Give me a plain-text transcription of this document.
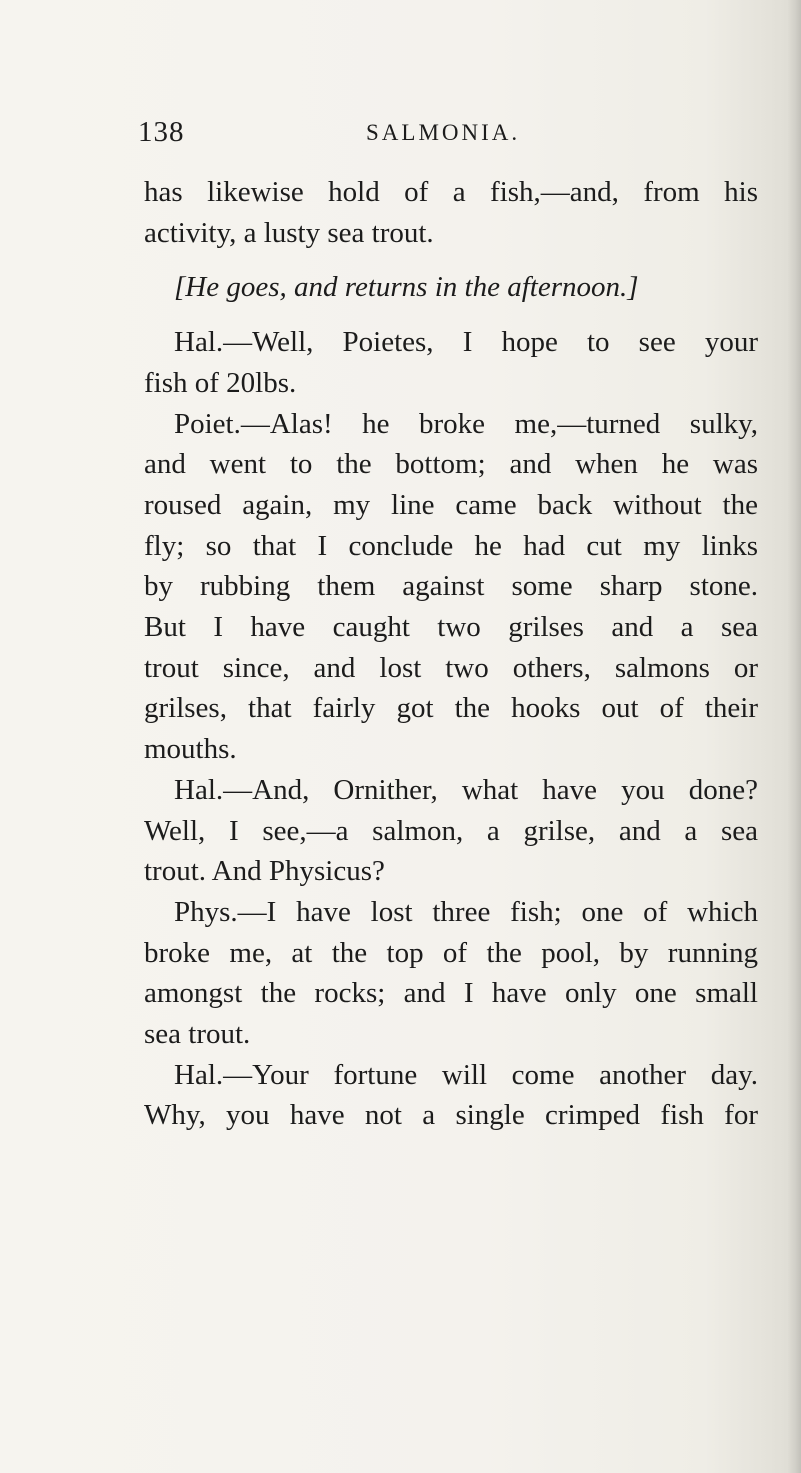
138	SALMONIA.
has likewise hold of a fish,—and, from his
activity, a lusty sea trout.
[He goes, and returns in the afternoon.]
Hal.—Well, Poietes, I hope to see your
fish of 20lbs.
Poiet.—Alas! he broke me,—turned sulky,
and went to the bottom; and when he was
roused again, my line came back without the
fly; so that I conclude he had cut my links
by rubbing them against some sharp stone.
But I have caught two grilses and a sea
trout since, and lost two others, salmons or
grilses, that fairly got the hooks out of their
mouths.
Hal.—And, Ornither, what have you done?
Well, I see,—a salmon, a grilse, and a sea
trout. And Physicus?
Phys.—I have lost three fish; one of which
broke me, at the top of the pool, by running
amongst the rocks; and I have only one small
sea trout.
Hal.—Your fortune will come another day.
Why, you have not a single crimped fish for
